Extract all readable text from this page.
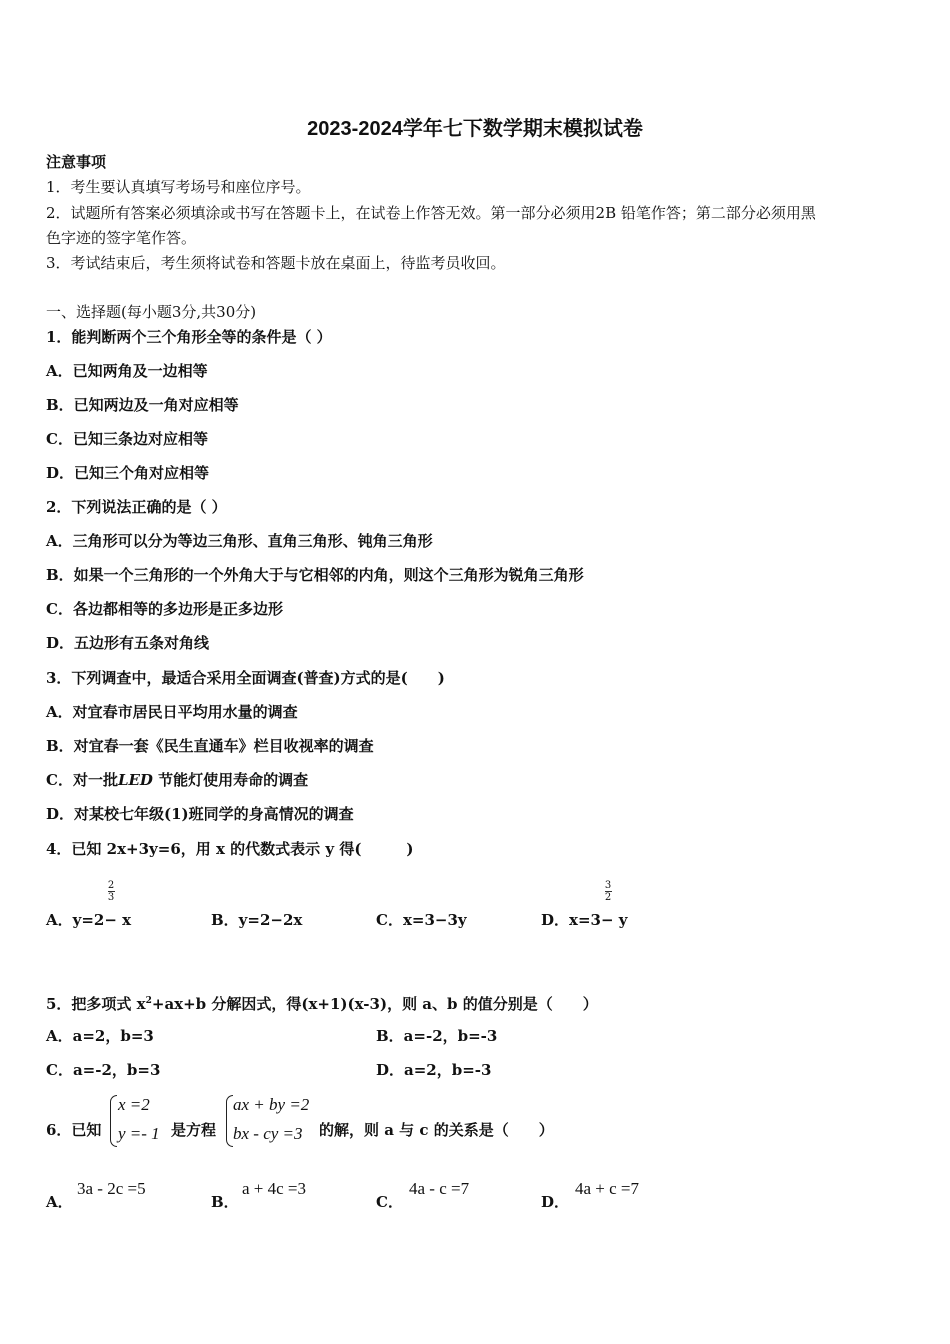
2023-2024学年七下数学期末模拟试卷
注意事项
1．考生要认真填写考场号和座位序号。
2．试题所有答案必须填涂或书写在答题卡上，在试卷上作答无效。第一部分必须用2B 铅笔作答；第二部分必须用黑
色字迹的签字笔作答。
3．考试结束后，考生须将试卷和答题卡放在桌面上，待监考员收回。
一、选择题(每小题3分,共30分)
1．能判断两个三个角形全等的条件是（ ）
A．已知两角及一边相等
B．已知两边及一角对应相等
C．已知三条边对应相等
D．已知三个角对应相等
2．下列说法正确的是（ ）
A．三角形可以分为等边三角形、直角三角形、钝角三角形
B．如果一个三角形的一个外角大于与它相邻的内角，则这个三角形为锐角三角形
C．各边都相等的多边形是正多边形
D．五边形有五条对角线
3．下列调查中，最适合采用全面调查(普查)方式的是(　　)
A．对宜春市居民日平均用水量的调查
B．对宜春一套《民生直通车》栏目收视率的调查
C．对一批LED 节能灯使用寿命的调查
D．对某校七年级(1)班同学的身高情况的调查
4．已知 2x+3y=6，用 x 的代数式表示 y 得(　　　)
2
3
A．y=2− x	B．y=2−2x	C．x=3−3y
3
2
D．x=3− y
5．把多项式 $x^2+ax+b$ 分解因式，得(x+1)(x-3)，则 a、b 的值分别是（　　）
A．a=2，b=3	B．a=-2，b=-3
C．a=-2，b=3	D．a=2，b=-3
6．已知
x =2
y =- 1 是方程
ax + by =2
bx - cy =3 的解，则 a 与 c 的关系是（　　）
A．
3a - 2c =5
B．
a + 4c =3
C．
4a - c =7
D．
4a + c =7
